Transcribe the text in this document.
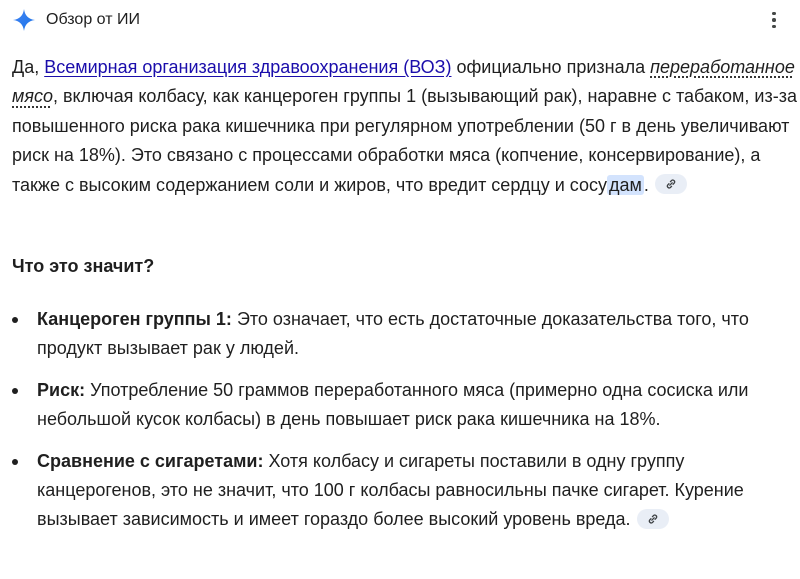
Обзор от ИИ

Да, Всемирная организация здравоохранения (ВОЗ) официально признала переработанное мясо, включая колбасу, как канцероген группы 1 (вызывающий рак), наравне с табаком, из-за повышенного риска рака кишечника при регулярном употреблении (50 г в день увеличивают риск на 18%). Это связано с процессами обработки мяса (копчение, консервирование), а также с высоким содержанием соли и жиров, что вредит сердцу и сосу дам .

Что это значит?

Канцероген группы 1: Это означает, что есть достаточные доказательства того, что продукт вызывает рак у людей.
Риск: Употребление 50 граммов переработанного мяса (примерно одна сосиска или небольшой кусок колбасы) в день повышает риск рака кишечника на 18%.
Сравнение с сигаретами: Хотя колбасу и сигареты поставили в одну группу канцерогенов, это не значит, что 100 г колбасы равносильны пачке сигарет. Курение вызывает зависимость и имеет гораздо более высокий уровень вреда.
